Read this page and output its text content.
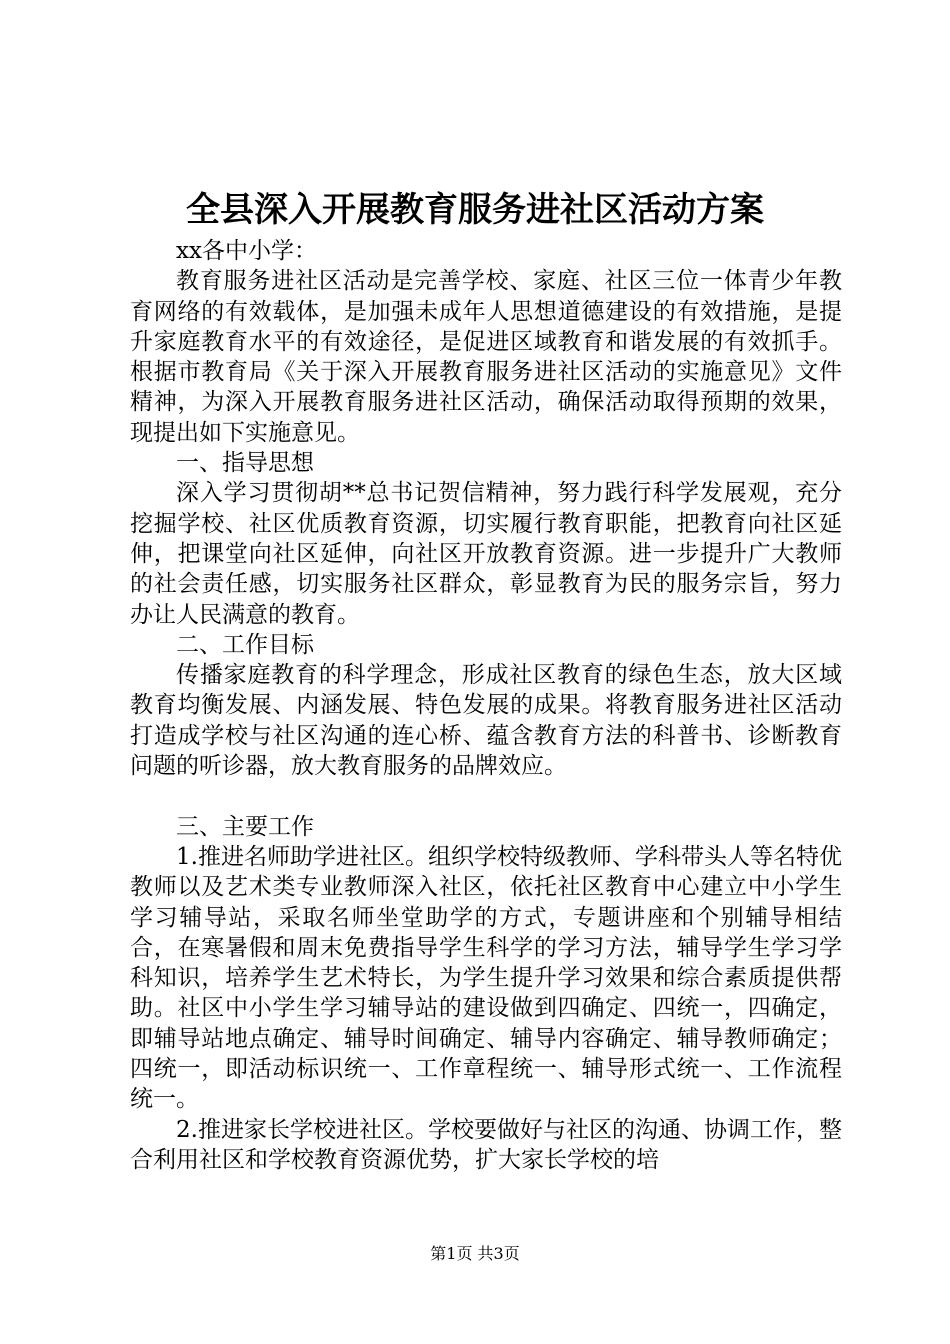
全县深入开展教育服务进社区活动方案

xx各中小学：

教育服务进社区活动是完善学校、家庭、社区三位一体青少年教育网络的有效载体，是加强未成年人思想道德建设的有效措施，是提升家庭教育水平的有效途径，是促进区域教育和谐发展的有效抓手。根据市教育局《关于深入开展教育服务进社区活动的实施意见》文件精神，为深入开展教育服务进社区活动，确保活动取得预期的效果，现提出如下实施意见。

一、指导思想

深入学习贯彻胡**总书记贺信精神，努力践行科学发展观，充分挖掘学校、社区优质教育资源，切实履行教育职能，把教育向社区延伸，把课堂向社区延伸，向社区开放教育资源。进一步提升广大教师的社会责任感，切实服务社区群众，彰显教育为民的服务宗旨，努力办让人民满意的教育。

二、工作目标

传播家庭教育的科学理念，形成社区教育的绿色生态，放大区域教育均衡发展、内涵发展、特色发展的成果。将教育服务进社区活动打造成学校与社区沟通的连心桥、蕴含教育方法的科普书、诊断教育问题的听诊器，放大教育服务的品牌效应。

三、主要工作

1.推进名师助学进社区。组织学校特级教师、学科带头人等名特优教师以及艺术类专业教师深入社区，依托社区教育中心建立中小学生学习辅导站，采取名师坐堂助学的方式，专题讲座和个别辅导相结合，在寒暑假和周末免费指导学生科学的学习方法，辅导学生学习学科知识，培养学生艺术特长，为学生提升学习效果和综合素质提供帮助。社区中小学生学习辅导站的建设做到四确定、四统一，四确定，即辅导站地点确定、辅导时间确定、辅导内容确定、辅导教师确定；四统一，即活动标识统一、工作章程统一、辅导形式统一、工作流程统一。

2.推进家长学校进社区。学校要做好与社区的沟通、协调工作，整合利用社区和学校教育资源优势，扩大家长学校的培

第1页 共3页
